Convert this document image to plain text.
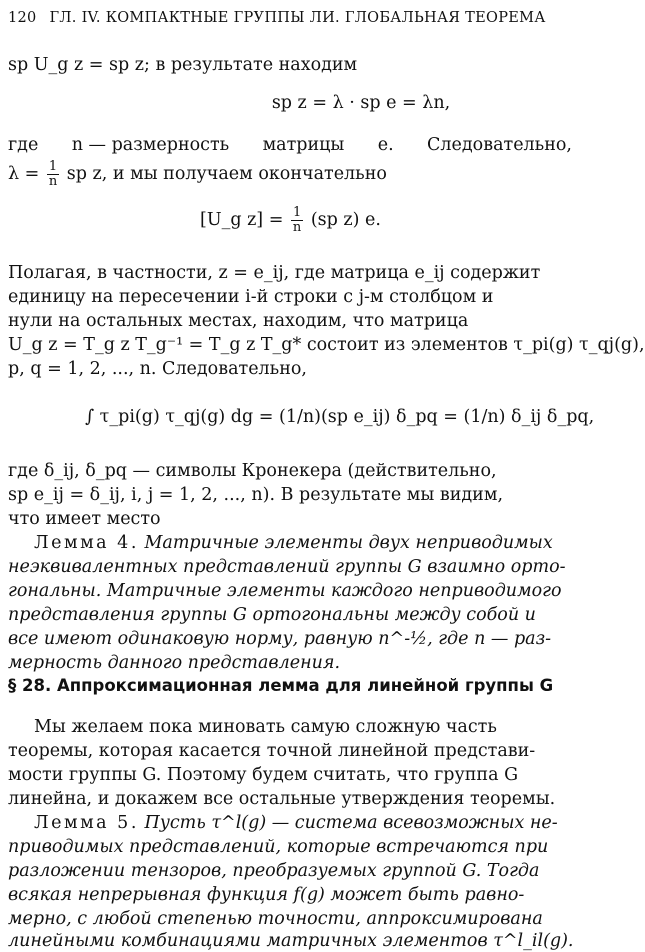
120 ГЛ. IV. КОМПАКТНЫЕ ГРУППЫ ЛИ. ГЛОБАЛЬНАЯ ТЕОРЕМА
sp U_g z = sp z; в результате находим
sp z = λ · sp e = λn,
где n — размерность матрицы e. Следовательно,
$\lambda = \frac{1}{n}$ sp z, и мы получаем окончательно
[U_g $z] = \frac{1}{n} (sp$ z) e.
Полагая, в частности, z = e_ij, где матрица e_ij содержит
единицу на пересечении i-й строки с j-м столбцом и
нули на остальных местах, находим, что матрица
U_g z = T_g z T_g⁻¹ = T_g z T_g* состоит из элементов τ_pi(g) τ_qj(g),
p, q = 1, 2, ..., n. Следовательно,
∫ τ_pi(g) τ_qj(g) dg = (1/n)(sp e_ij) δ_pq = (1/n) δ_ij δ_pq,
где δ_ij, δ_pq — символы Кронекера (действительно,
sp e_ij = δ_ij, i, j = 1, 2, ..., n). В результате мы видим,
что имеет место
Лемма 4. Матричные элементы двух неприводимых
неэквивалентных представлений группы G взаимно орто-
гональны. Матричные элементы каждого неприводимого
представления группы G ортогональны между собой и
все имеют одинаковую норму, равную n^-½, где n — раз-
мерность данного представления.
§ 28. Аппроксимационная лемма для линейной группы G
Мы желаем пока миновать самую сложную часть
теоремы, которая касается точной линейной представи-
мости группы G. Поэтому будем считать, что группа G
линейна, и докажем все остальные утверждения теоремы.
Лемма 5. Пусть τ^l(g) — система всевозможных не-
приводимых представлений, которые встречаются при
разложении тензоров, преобразуемых группой G. Тогда
всякая непрерывная функция f(g) может быть равно-
мерно, с любой степенью точности, аппроксимирована
линейными комбинациями матричных элементов τ^l_il(g).
